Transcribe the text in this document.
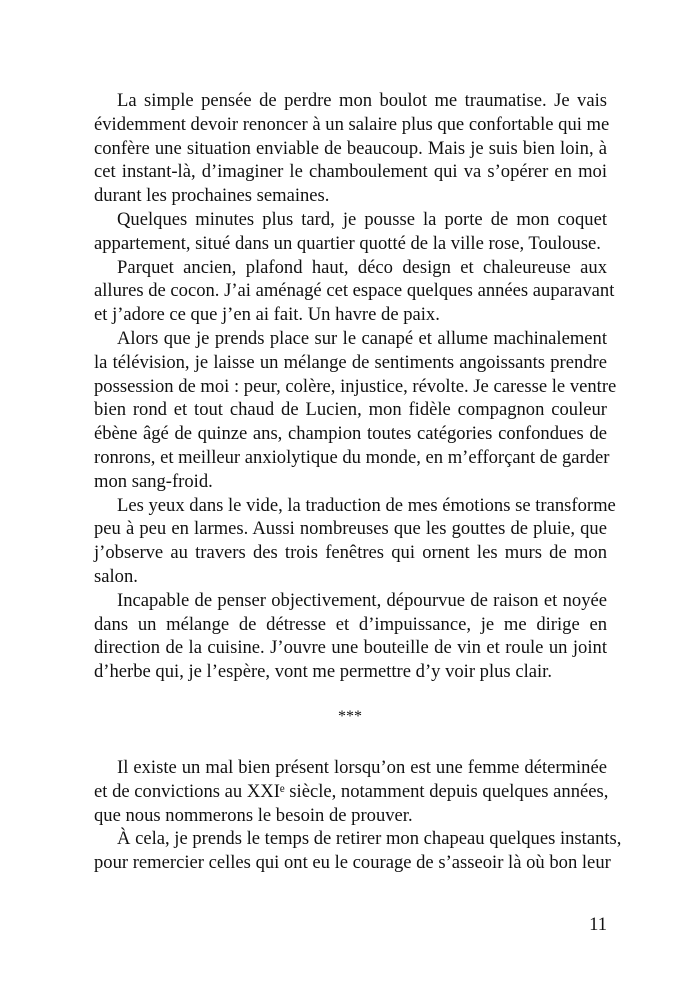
La simple pensée de perdre mon boulot me traumatise. Je vais
évidemment devoir renoncer à un salaire plus que confortable qui me
confère une situation enviable de beaucoup. Mais je suis bien loin, à
cet instant-là, d’imaginer le chamboulement qui va s’opérer en moi
durant les prochaines semaines.
Quelques minutes plus tard, je pousse la porte de mon coquet
appartement, situé dans un quartier quotté de la ville rose, Toulouse.
Parquet ancien, plafond haut, déco design et chaleureuse aux
allures de cocon. J’ai aménagé cet espace quelques années auparavant
et j’adore ce que j’en ai fait. Un havre de paix.
Alors que je prends place sur le canapé et allume machinalement
la télévision, je laisse un mélange de sentiments angoissants prendre
possession de moi : peur, colère, injustice, révolte. Je caresse le ventre
bien rond et tout chaud de Lucien, mon fidèle compagnon couleur
ébène âgé de quinze ans, champion toutes catégories confondues de
ronrons, et meilleur anxiolytique du monde, en m’efforçant de garder
mon sang-froid.
Les yeux dans le vide, la traduction de mes émotions se transforme
peu à peu en larmes. Aussi nombreuses que les gouttes de pluie, que
j’observe au travers des trois fenêtres qui ornent les murs de mon
salon.
Incapable de penser objectivement, dépourvue de raison et noyée
dans un mélange de détresse et d’impuissance, je me dirige en
direction de la cuisine. J’ouvre une bouteille de vin et roule un joint
d’herbe qui, je l’espère, vont me permettre d’y voir plus clair.
***
Il existe un mal bien présent lorsqu’on est une femme déterminée
et de convictions au XXIᵉ siècle, notamment depuis quelques années,
que nous nommerons le besoin de prouver.
À cela, je prends le temps de retirer mon chapeau quelques instants,
pour remercier celles qui ont eu le courage de s’asseoir là où bon leur
11
